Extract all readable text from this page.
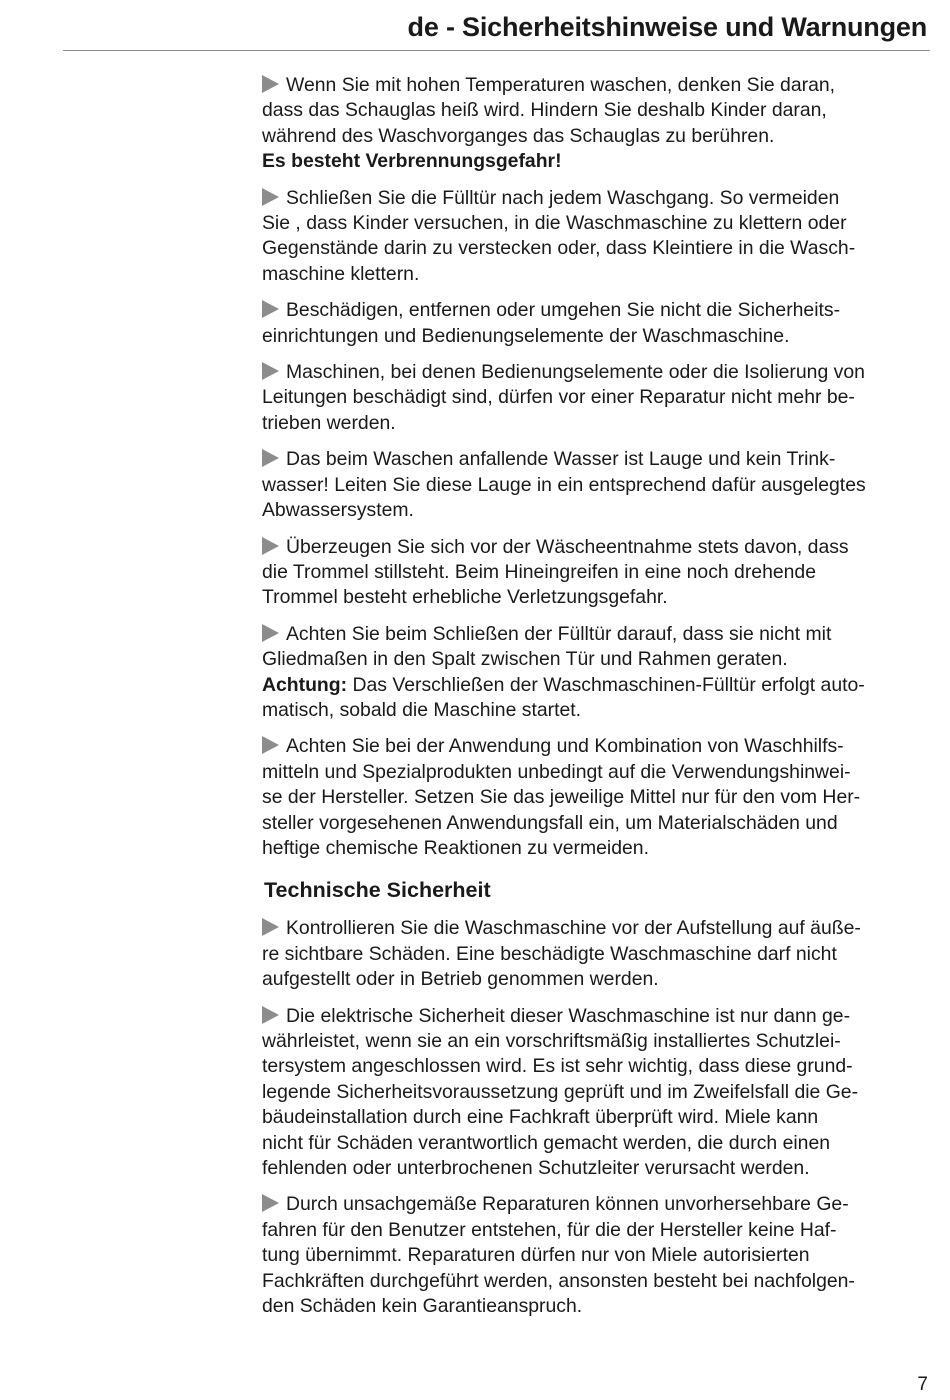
de - Sicherheitshinweise und Warnungen

Wenn Sie mit hohen Temperaturen waschen, denken Sie daran,
dass das Schauglas heiß wird. Hindern Sie deshalb Kinder daran,
während des Waschvorganges das Schauglas zu berühren.
Es besteht Verbrennungsgefahr!

Schließen Sie die Fülltür nach jedem Waschgang. So vermeiden
Sie , dass Kinder versuchen, in die Waschmaschine zu klettern oder
Gegenstände darin zu verstecken oder, dass Kleintiere in die Wasch-
maschine klettern.

Beschädigen, entfernen oder umgehen Sie nicht die Sicherheits-
einrichtungen und Bedienungselemente der Waschmaschine.

Maschinen, bei denen Bedienungselemente oder die Isolierung von
Leitungen beschädigt sind, dürfen vor einer Reparatur nicht mehr be-
trieben werden.

Das beim Waschen anfallende Wasser ist Lauge und kein Trink-
wasser! Leiten Sie diese Lauge in ein entsprechend dafür ausgelegtes
Abwassersystem.

Überzeugen Sie sich vor der Wäscheentnahme stets davon, dass
die Trommel stillsteht. Beim Hineingreifen in eine noch drehende
Trommel besteht erhebliche Verletzungsgefahr.

Achten Sie beim Schließen der Fülltür darauf, dass sie nicht mit
Gliedmaßen in den Spalt zwischen Tür und Rahmen geraten.
Achtung: Das Verschließen der Waschmaschinen-Fülltür erfolgt auto-
matisch, sobald die Maschine startet.

Achten Sie bei der Anwendung und Kombination von Waschhilfs-
mitteln und Spezialprodukten unbedingt auf die Verwendungshinwei-
se der Hersteller. Setzen Sie das jeweilige Mittel nur für den vom Her-
steller vorgesehenen Anwendungsfall ein, um Materialschäden und
heftige chemische Reaktionen zu vermeiden.

Technische Sicherheit

Kontrollieren Sie die Waschmaschine vor der Aufstellung auf äuße-
re sichtbare Schäden. Eine beschädigte Waschmaschine darf nicht
aufgestellt oder in Betrieb genommen werden.

Die elektrische Sicherheit dieser Waschmaschine ist nur dann ge-
währleistet, wenn sie an ein vorschriftsmäßig installiertes Schutzlei-
tersystem angeschlossen wird. Es ist sehr wichtig, dass diese grund-
legende Sicherheitsvoraussetzung geprüft und im Zweifelsfall die Ge-
bäudeinstallation durch eine Fachkraft überprüft wird. Miele kann
nicht für Schäden verantwortlich gemacht werden, die durch einen
fehlenden oder unterbrochenen Schutzleiter verursacht werden.

Durch unsachgemäße Reparaturen können unvorhersehbare Ge-
fahren für den Benutzer entstehen, für die der Hersteller keine Haf-
tung übernimmt. Reparaturen dürfen nur von Miele autorisierten
Fachkräften durchgeführt werden, ansonsten besteht bei nachfolgen-
den Schäden kein Garantieanspruch.

7
